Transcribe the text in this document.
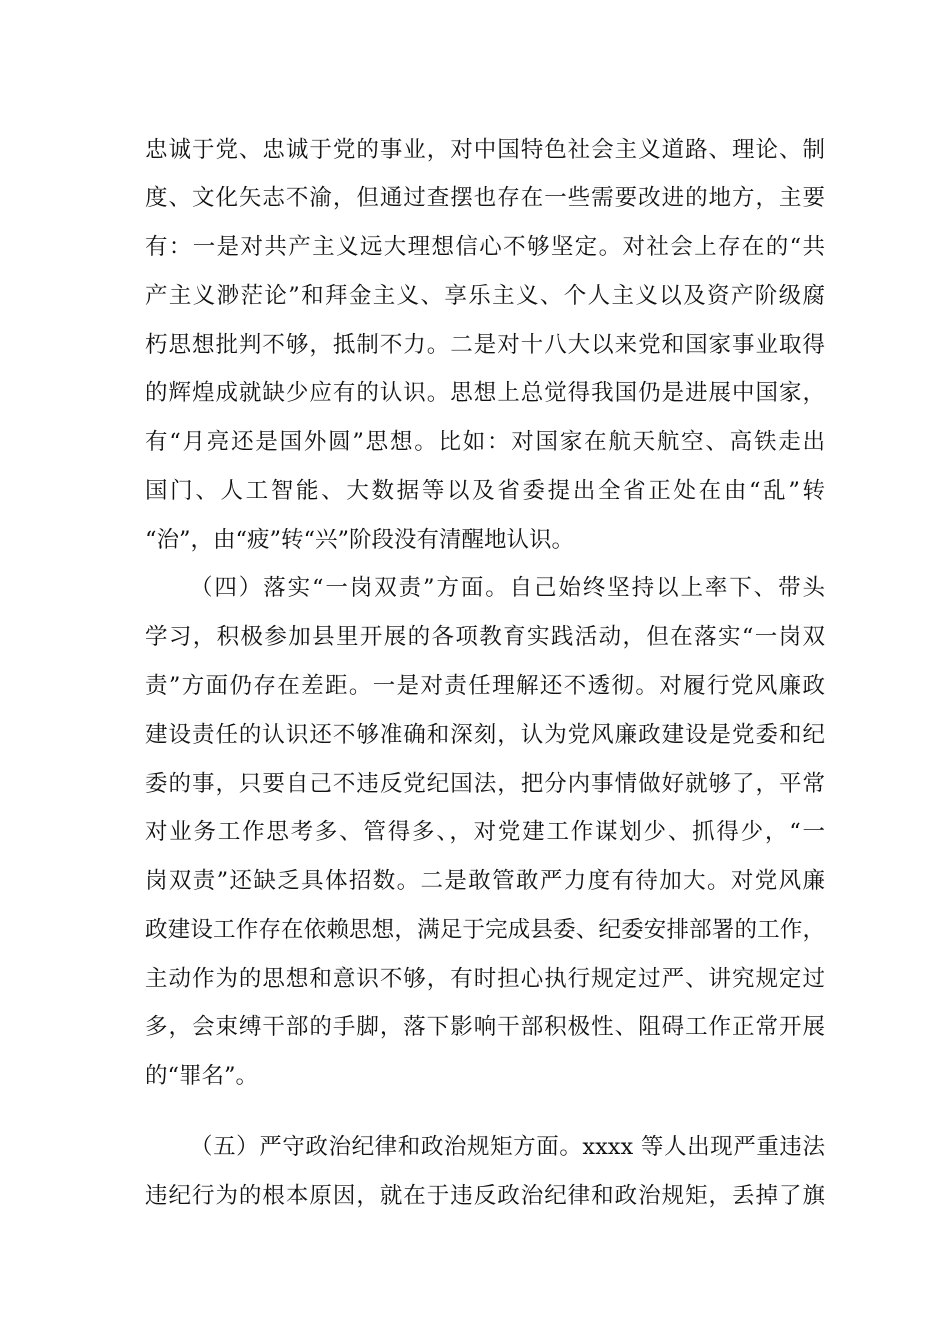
忠诚于党、忠诚于党的事业，对中国特色社会主义道路、理论、制
度、文化矢志不渝，但通过查摆也存在一些需要改进的地方，主要
有：一是对共产主义远大理想信心不够坚定。对社会上存在的“共
产主义渺茫论”和拜金主义、享乐主义、个人主义以及资产阶级腐
朽思想批判不够，抵制不力。二是对十八大以来党和国家事业取得
的辉煌成就缺少应有的认识。思想上总觉得我国仍是进展中国家，
有“月亮还是国外圆”思想。比如：对国家在航天航空、高铁走出
国门、人工智能、大数据等以及省委提出全省正处在由“乱”转
“治”，由“疲”转“兴”阶段没有清醒地认识。
（四）落实“一岗双责”方面。自己始终坚持以上率下、带头
学习，积极参加县里开展的各项教育实践活动，但在落实“一岗双
责”方面仍存在差距。一是对责任理解还不透彻。对履行党风廉政
建设责任的认识还不够准确和深刻，认为党风廉政建设是党委和纪
委的事，只要自己不违反党纪国法，把分内事情做好就够了，平常
对业务工作思考多、管得多、，对党建工作谋划少、抓得少，“一
岗双责”还缺乏具体招数。二是敢管敢严力度有待加大。对党风廉
政建设工作存在依赖思想，满足于完成县委、纪委安排部署的工作，
主动作为的思想和意识不够，有时担心执行规定过严、讲究规定过
多，会束缚干部的手脚，落下影响干部积极性、阻碍工作正常开展
的“罪名”。
（五）严守政治纪律和政治规矩方面。xxxx 等人出现严重违法
违纪行为的根本原因，就在于违反政治纪律和政治规矩，丢掉了旗
